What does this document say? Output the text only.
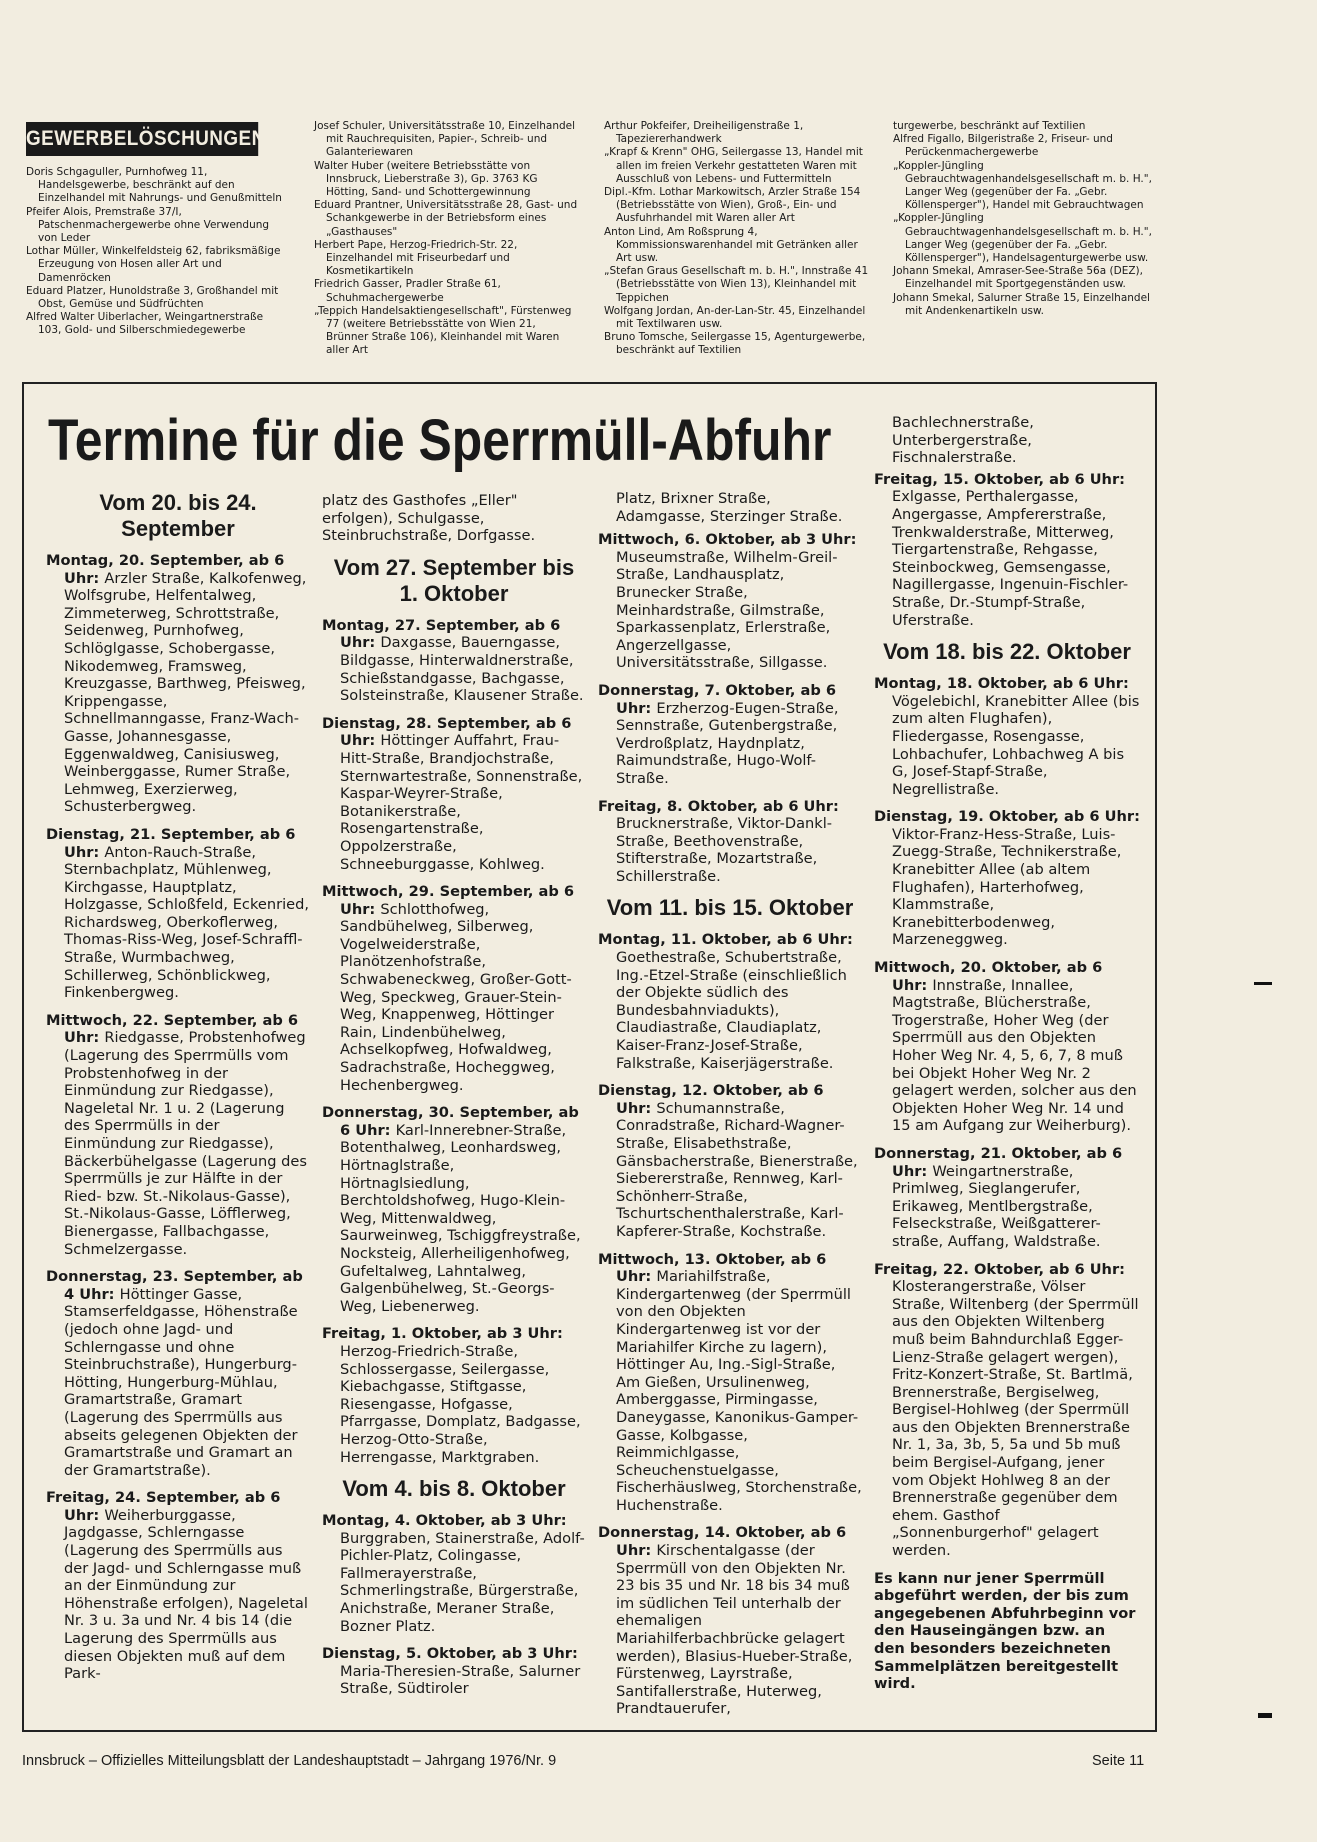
GEWERBELÖSCHUNGEN

Doris Schgaguller, Purnhofweg 11, Handelsgewerbe, beschränkt auf den Einzelhandel mit Nahrungs- und Genußmitteln

Pfeifer Alois, Premstraße 37/I, Patschenmachergewerbe ohne Verwendung von Leder

Lothar Müller, Winkelfeldsteig 62, fabriksmäßige Erzeugung von Hosen aller Art und Damenröcken

Eduard Platzer, Hunoldstraße 3, Großhandel mit Obst, Gemüse und Südfrüchten

Alfred Walter Uiberlacher, Weingartnerstraße 103, Gold- und Silberschmiedegewerbe

Josef Schuler, Universitätsstraße 10, Einzelhandel mit Rauchrequisiten, Papier-, Schreib- und Galanteriewaren

Walter Huber (weitere Betriebsstätte von Innsbruck, Lieberstraße 3), Gp. 3763 KG Hötting, Sand- und Schottergewinnung

Eduard Prantner, Universitätsstraße 28, Gast- und Schankgewerbe in der Betriebsform eines „Gasthauses"

Herbert Pape, Herzog-Friedrich-Str. 22, Einzelhandel mit Friseurbedarf und Kosmetikartikeln

Friedrich Gasser, Pradler Straße 61, Schuhmachergewerbe

„Teppich Handelsaktiengesellschaft", Fürstenweg 77 (weitere Betriebsstätte von Wien 21, Brünner Straße 106), Kleinhandel mit Waren aller Art

Arthur Pokfeifer, Dreiheiligenstraße 1, Tapeziererhandwerk

„Krapf & Krenn" OHG, Seilergasse 13, Handel mit allen im freien Verkehr gestatteten Waren mit Ausschluß von Lebens- und Futtermitteln

Dipl.-Kfm. Lothar Markowitsch, Arzler Straße 154 (Betriebsstätte von Wien), Groß-, Ein- und Ausfuhrhandel mit Waren aller Art

Anton Lind, Am Roßsprung 4, Kommissionswarenhandel mit Getränken aller Art usw.

„Stefan Graus Gesellschaft m. b. H.", Innstraße 41 (Betriebsstätte von Wien 13), Kleinhandel mit Teppichen

Wolfgang Jordan, An-der-Lan-Str. 45, Einzelhandel mit Textilwaren usw.

Bruno Tomsche, Seilergasse 15, Agenturgewerbe, beschränkt auf Textilien

turgewerbe, beschränkt auf Textilien

Alfred Figallo, Bilgeristraße 2, Friseur- und Perückenmachergewerbe

„Koppler-Jüngling Gebrauchtwagenhandelsgesellschaft m. b. H.", Langer Weg (gegenüber der Fa. „Gebr. Köllensperger"), Handel mit Gebrauchtwagen

„Koppler-Jüngling Gebrauchtwagenhandelsgesellschaft m. b. H.", Langer Weg (gegenüber der Fa. „Gebr. Köllensperger"), Handelsagenturgewerbe usw.

Johann Smekal, Amraser-See-Straße 56a (DEZ), Einzelhandel mit Sportgegenständen usw.

Johann Smekal, Salurner Straße 15, Einzelhandel mit Andenkenartikeln usw.

Termine für die Sperrmüll-Abfuhr
Vom 20. bis 24. September
Montag, 20. September, ab 6 Uhr: Arzler Straße, Kalkofenweg, Wolfsgrube, Helfentalweg, Zimmeterweg, Schrottstraße, Seidenweg, Purnhofweg, Schlöglgasse, Schobergasse, Nikodemweg, Framsweg, Kreuzgasse, Barthweg, Pfeisweg, Krippengasse, Schnellmanngasse, Franz-Wach-Gasse, Johannesgasse, Eggenwaldweg, Canisiusweg, Weinberggasse, Rumer Straße, Lehmweg, Exerzierweg, Schusterbergweg.
Dienstag, 21. September, ab 6 Uhr: Anton-Rauch-Straße, Sternbachplatz, Mühlenweg, Kirchgasse, Hauptplatz, Holzgasse, Schloßfeld, Eckenried, Richardsweg, Oberkoflerweg, Thomas-Riss-Weg, Josef-Schraffl-Straße, Wurmbachweg, Schillerweg, Schönblickweg, Finkenbergweg.
Mittwoch, 22. September, ab 6 Uhr: Riedgasse, Probstenhofweg (Lagerung des Sperrmülls vom Probstenhofweg in der Einmündung zur Riedgasse), Nageletal Nr. 1 u. 2 (Lagerung des Sperrmülls in der Einmündung zur Riedgasse), Bäckerbühelgasse (Lagerung des Sperrmülls je zur Hälfte in der Ried- bzw. St.-Nikolaus-Gasse), St.-Nikolaus-Gasse, Löfflerweg, Bienergasse, Fallbachgasse, Schmelzergasse.
Donnerstag, 23. September, ab 4 Uhr: Höttinger Gasse, Stamserfeldgasse, Höhenstraße (jedoch ohne Jagd- und Schlerngasse und ohne Steinbruchstraße), Hungerburg-Hötting, Hungerburg-Mühlau, Gramartstraße, Gramart (Lagerung des Sperrmülls aus abseits gelegenen Objekten der Gramartstraße und Gramart an der Gramartstraße).
Freitag, 24. September, ab 6 Uhr: Weiherburggasse, Jagdgasse, Schlerngasse (Lagerung des Sperrmülls aus der Jagd- und Schlerngasse muß an der Einmündung zur Höhenstraße erfolgen), Nageletal Nr. 3 u. 3a und Nr. 4 bis 14 (die Lagerung des Sperrmülls aus diesen Objekten muß auf dem Park-
platz des Gasthofes „Eller" erfolgen), Schulgasse, Steinbruchstraße, Dorfgasse.
Vom 27. September bis 1. Oktober
Montag, 27. September, ab 6 Uhr: Daxgasse, Bauerngasse, Bildgasse, Hinterwaldnerstraße, Schießstandgasse, Bachgasse, Solsteinstraße, Klausener Straße.
Dienstag, 28. September, ab 6 Uhr: Höttinger Auffahrt, Frau-Hitt-Straße, Brandjochstraße, Sternwartestraße, Sonnenstraße, Kaspar-Weyrer-Straße, Botanikerstraße, Rosengartenstraße, Oppolzerstraße, Schneeburggasse, Kohlweg.
Mittwoch, 29. September, ab 6 Uhr: Schlotthofweg, Sandbühelweg, Silberweg, Vogelweiderstraße, Planötzenhofstraße, Schwabeneckweg, Großer-Gott-Weg, Speckweg, Grauer-Stein-Weg, Knappenweg, Höttinger Rain, Lindenbühelweg, Achselkopfweg, Hofwaldweg, Sadrachstraße, Hocheggweg, Hechenbergweg.
Donnerstag, 30. September, ab 6 Uhr: Karl-Innerebner-Straße, Botenthalweg, Leonhardsweg, Hörtnaglstraße, Hörtnaglsiedlung, Berchtoldshofweg, Hugo-Klein-Weg, Mittenwaldweg, Saurweinweg, Tschiggfreystraße, Nocksteig, Allerheiligenhofweg, Gufeltalweg, Lahntalweg, Galgenbühelweg, St.-Georgs-Weg, Liebenerweg.
Freitag, 1. Oktober, ab 3 Uhr: Herzog-Friedrich-Straße, Schlossergasse, Seilergasse, Kiebachgasse, Stiftgasse, Riesengasse, Hofgasse, Pfarrgasse, Domplatz, Badgasse, Herzog-Otto-Straße, Herrengasse, Marktgraben.
Vom 4. bis 8. Oktober
Montag, 4. Oktober, ab 3 Uhr: Burggraben, Stainerstraße, Adolf-Pichler-Platz, Colingasse, Fallmerayerstraße, Schmerlingstraße, Bürgerstraße, Anichstraße, Meraner Straße, Bozner Platz.
Dienstag, 5. Oktober, ab 3 Uhr: Maria-Theresien-Straße, Salurner Straße, Südtiroler
Platz, Brixner Straße, Adamgasse, Sterzinger Straße.
Mittwoch, 6. Oktober, ab 3 Uhr: Museumstraße, Wilhelm-Greil-Straße, Landhausplatz, Brunecker Straße, Meinhardstraße, Gilmstraße, Sparkassenplatz, Erlerstraße, Angerzellgasse, Universitätsstraße, Sillgasse.
Donnerstag, 7. Oktober, ab 6 Uhr: Erzherzog-Eugen-Straße, Sennstraße, Gutenbergstraße, Verdroßplatz, Haydnplatz, Raimundstraße, Hugo-Wolf-Straße.
Freitag, 8. Oktober, ab 6 Uhr: Brucknerstraße, Viktor-Dankl-Straße, Beethovenstraße, Stifterstraße, Mozartstraße, Schillerstraße.
Vom 11. bis 15. Oktober
Montag, 11. Oktober, ab 6 Uhr: Goethestraße, Schubertstraße, Ing.-Etzel-Straße (einschließlich der Objekte südlich des Bundesbahnviadukts), Claudiastraße, Claudiaplatz, Kaiser-Franz-Josef-Straße, Falkstraße, Kaiserjägerstraße.
Dienstag, 12. Oktober, ab 6 Uhr: Schumannstraße, Conradstraße, Richard-Wagner-Straße, Elisabethstraße, Gänsbacherstraße, Bienerstraße, Siebererstraße, Rennweg, Karl-Schönherr-Straße, Tschurtschenthalerstraße, Karl-Kapferer-Straße, Kochstraße.
Mittwoch, 13. Oktober, ab 6 Uhr: Mariahilfstraße, Kindergartenweg (der Sperrmüll von den Objekten Kindergartenweg ist vor der Mariahilfer Kirche zu lagern), Höttinger Au, Ing.-Sigl-Straße, Am Gießen, Ursulinenweg, Amberggasse, Pirmingasse, Daneygasse, Kanonikus-Gamper-Gasse, Kolbgasse, Reimmichlgasse, Scheuchenstuelgasse, Fischerhäuslweg, Storchenstraße, Huchenstraße.
Donnerstag, 14. Oktober, ab 6 Uhr: Kirschentalgasse (der Sperrmüll von den Objekten Nr. 23 bis 35 und Nr. 18 bis 34 muß im südlichen Teil unterhalb der ehemaligen Mariahilferbachbrücke gelagert werden), Blasius-Hueber-Straße, Fürstenweg, Layrstraße, Santifallerstraße, Huterweg, Prandtauerufer,
Bachlechnerstraße, Unterbergerstraße, Fischnalerstraße.
Freitag, 15. Oktober, ab 6 Uhr: Exlgasse, Perthalergasse, Angergasse, Ampfererstraße, Trenkwalderstraße, Mitterweg, Tiergartenstraße, Rehgasse, Steinbockweg, Gemsengasse, Nagillergasse, Ingenuin-Fischler-Straße, Dr.-Stumpf-Straße, Uferstraße.
Vom 18. bis 22. Oktober
Montag, 18. Oktober, ab 6 Uhr: Vögelebichl, Kranebitter Allee (bis zum alten Flughafen), Fliedergasse, Rosengasse, Lohbachufer, Lohbachweg A bis G, Josef-Stapf-Straße, Negrellistraße.
Dienstag, 19. Oktober, ab 6 Uhr: Viktor-Franz-Hess-Straße, Luis-Zuegg-Straße, Technikerstraße, Kranebitter Allee (ab altem Flughafen), Harterhofweg, Klammstraße, Kranebitterbodenweg, Marzeneggweg.
Mittwoch, 20. Oktober, ab 6 Uhr: Innstraße, Innallee, Magtstraße, Blücherstraße, Trogerstraße, Hoher Weg (der Sperrmüll aus den Objekten Hoher Weg Nr. 4, 5, 6, 7, 8 muß bei Objekt Hoher Weg Nr. 2 gelagert werden, solcher aus den Objekten Hoher Weg Nr. 14 und 15 am Aufgang zur Weiherburg).
Donnerstag, 21. Oktober, ab 6 Uhr: Weingartnerstraße, Primlweg, Sieglangerufer, Erikaweg, Mentlbergstraße, Felseckstraße, Weißgatterer-straße, Auffang, Waldstraße.
Freitag, 22. Oktober, ab 6 Uhr: Klosterangerstraße, Völser Straße, Wiltenberg (der Sperrmüll aus den Objekten Wiltenberg muß beim Bahndurchlaß Egger-Lienz-Straße gelagert wergen), Fritz-Konzert-Straße, St. Bartlmä, Brennerstraße, Bergiselweg, Bergisel-Hohlweg (der Sperrmüll aus den Objekten Brennerstraße Nr. 1, 3a, 3b, 5, 5a und 5b muß beim Bergisel-Aufgang, jener vom Objekt Hohlweg 8 an der Brennerstraße gegenüber dem ehem. Gasthof „Sonnenburgerhof" gelagert werden.
Es kann nur jener Sperrmüll abgeführt werden, der bis zum angegebenen Abfuhrbeginn vor den Hauseingängen bzw. an den besonders bezeichneten Sammelplätzen bereitgestellt wird.
Innsbruck – Offizielles Mitteilungsblatt der Landeshauptstadt – Jahrgang 1976/Nr. 9	Seite 11
